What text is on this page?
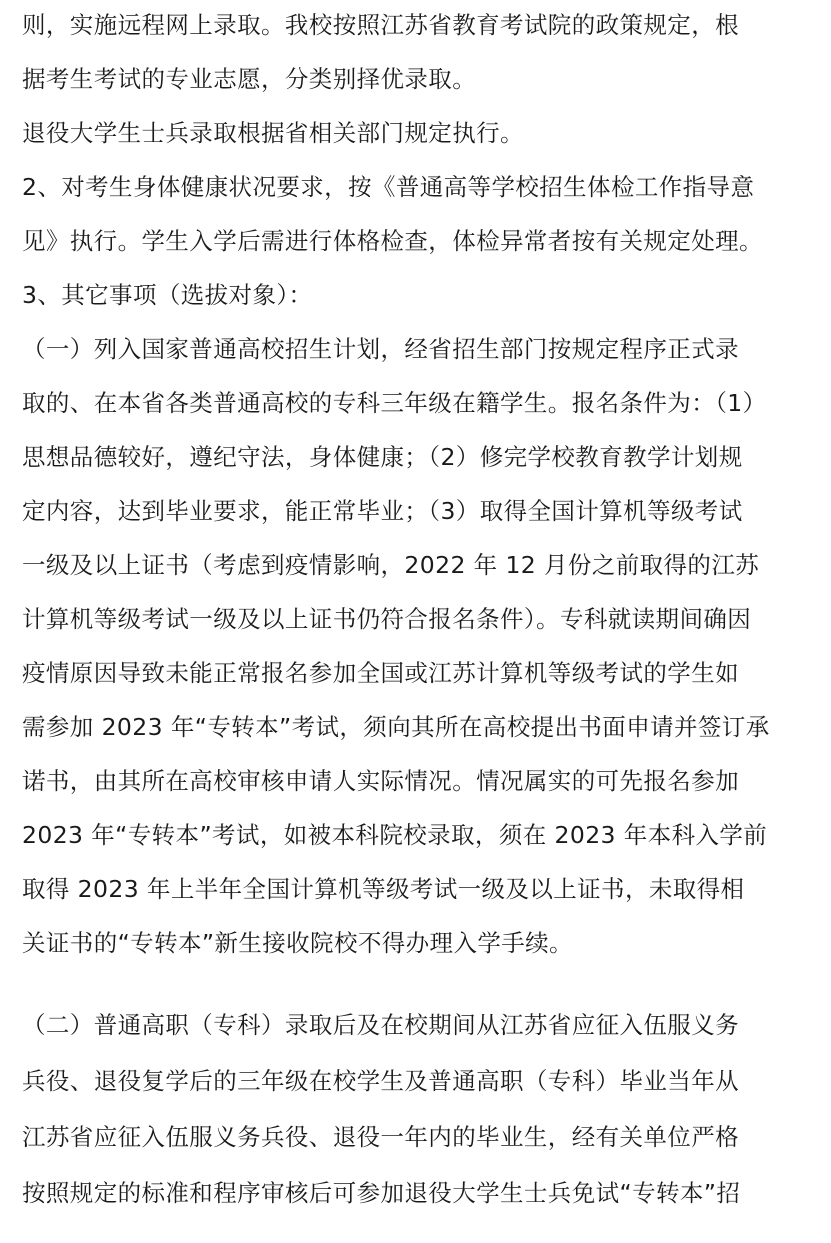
则，实施远程网上录取。我校按照江苏省教育考试院的政策规定，根
据考生考试的专业志愿，分类别择优录取。
退役大学生士兵录取根据省相关部门规定执行。
2、对考生身体健康状况要求，按《普通高等学校招生体检工作指导意
见》执行。学生入学后需进行体格检查，体检异常者按有关规定处理。
3、其它事项（选拔对象）：
（一）列入国家普通高校招生计划，经省招生部门按规定程序正式录
取的、在本省各类普通高校的专科三年级在籍学生。报名条件为：（1）
思想品德较好，遵纪守法，身体健康；（2）修完学校教育教学计划规
定内容，达到毕业要求，能正常毕业；（3）取得全国计算机等级考试
一级及以上证书（考虑到疫情影响，2022 年 12 月份之前取得的江苏
计算机等级考试一级及以上证书仍符合报名条件）。专科就读期间确因
疫情原因导致未能正常报名参加全国或江苏计算机等级考试的学生如
需参加 2023 年“专转本”考试，须向其所在高校提出书面申请并签订承
诺书，由其所在高校审核申请人实际情况。情况属实的可先报名参加
2023 年“专转本”考试，如被本科院校录取，须在 2023 年本科入学前
取得 2023 年上半年全国计算机等级考试一级及以上证书，未取得相
关证书的“专转本”新生接收院校不得办理入学手续。
（二）普通高职（专科）录取后及在校期间从江苏省应征入伍服义务
兵役、退役复学后的三年级在校学生及普通高职（专科）毕业当年从
江苏省应征入伍服义务兵役、退役一年内的毕业生，经有关单位严格
按照规定的标准和程序审核后可参加退役大学生士兵免试“专转本”招
